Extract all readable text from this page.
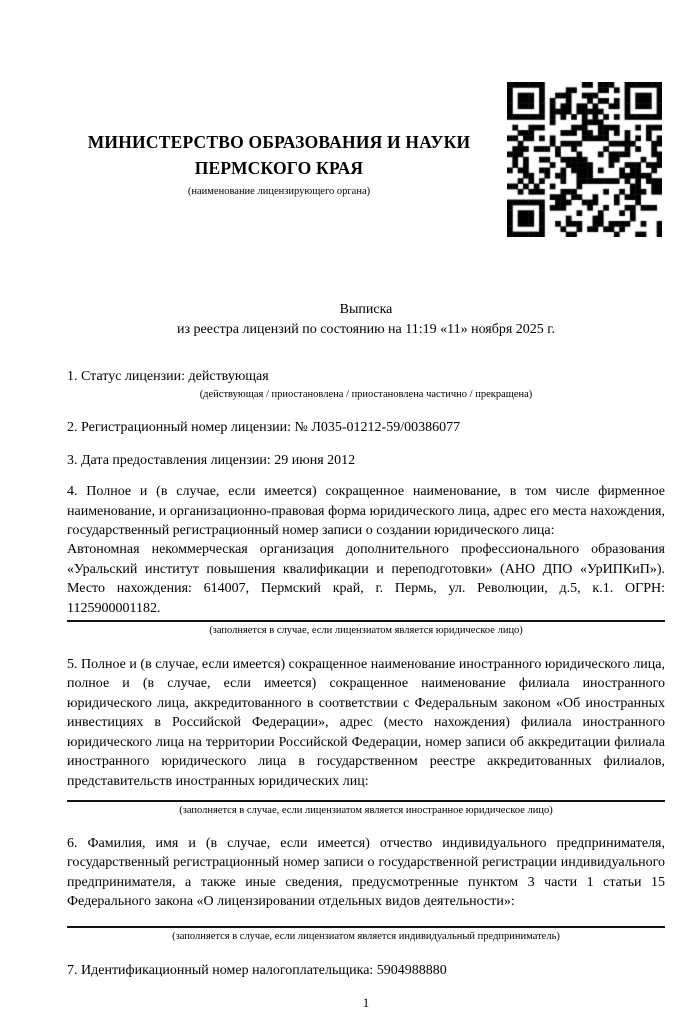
МИНИСТЕРСТВО ОБРАЗОВАНИЯ И НАУКИ

ПЕРМСКОГО КРАЯ

(наименование лицензирующего органа)

Выписка

из реестра лицензий по состоянию на 11:19 «11» ноября 2025 г.

1. Статус лицензии: действующая

(действующая / приостановлена / приостановлена частично / прекращена)

2. Регистрационный номер лицензии: № Л035-01212-59/00386077

3. Дата предоставления лицензии: 29 июня 2012

4. Полное и (в случае, если имеется) сокращенное наименование, в том числе фирменное наименование, и организационно-правовая форма юридического лица, адрес его места нахождения, государственный регистрационный номер записи о создании юридического лица:

Автономная некоммерческая организация дополнительного профессионального образования «Уральский институт повышения квалификации и переподготовки» (АНО ДПО «УрИПКиП»). Место нахождения: 614007, Пермский край, г. Пермь, ул. Революции, д.5, к.1. ОГРН: 1125900001182.

(заполняется в случае, если лицензиатом является юридическое лицо)

5. Полное и (в случае, если имеется) сокращенное наименование иностранного юридического лица, полное и (в случае, если имеется) сокращенное наименование филиала иностранного юридического лица, аккредитованного в соответствии с Федеральным законом «Об иностранных инвестициях в Российской Федерации», адрес (место нахождения) филиала иностранного юридического лица на территории Российской Федерации, номер записи об аккредитации филиала иностранного юридического лица в государственном реестре аккредитованных филиалов, представительств иностранных юридических лиц:

(заполняется в случае, если лицензиатом является иностранное юридическое лицо)

6. Фамилия, имя и (в случае, если имеется) отчество индивидуального предпринимателя, государственный регистрационный номер записи о государственной регистрации индивидуального предпринимателя, а также иные сведения, предусмотренные пунктом 3 части 1 статьи 15 Федерального закона «О лицензировании отдельных видов деятельности»:

(заполняется в случае, если лицензиатом является индивидуальный предприниматель)

7. Идентификационный номер налогоплательщика: 5904988880

1
